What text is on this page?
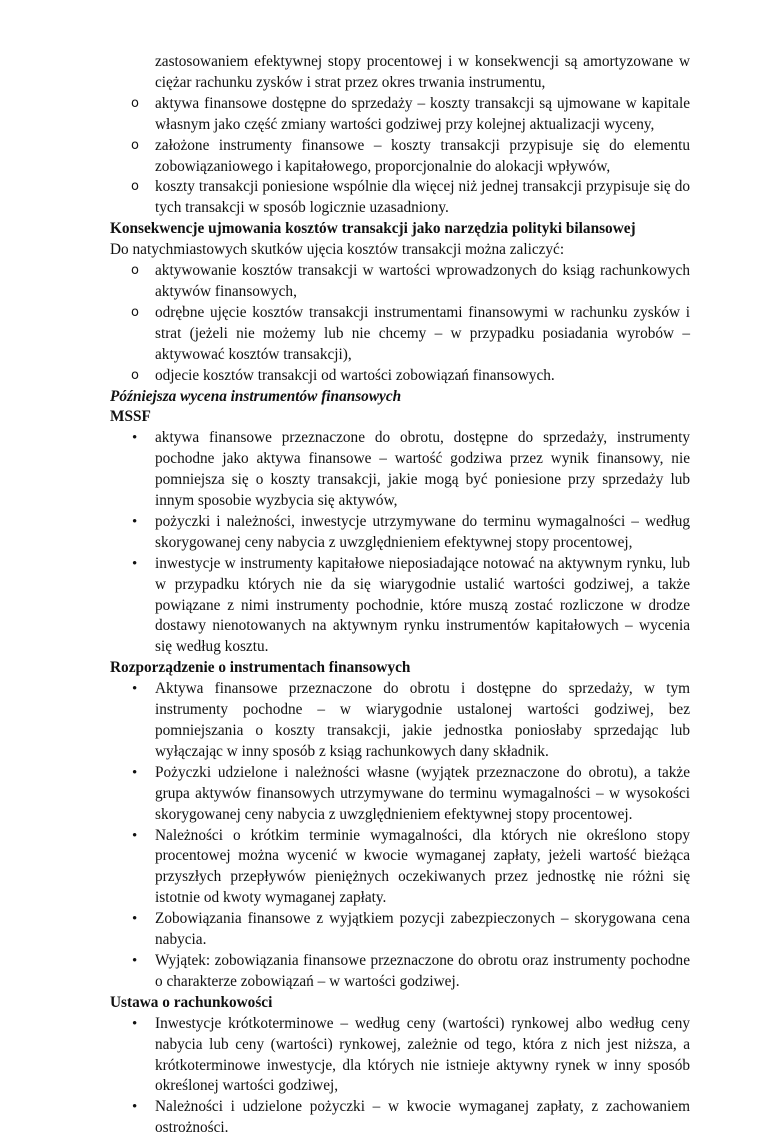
zastosowaniem efektywnej stopy procentowej i w konsekwencji są amortyzowane w ciężar rachunku zysków i strat przez okres trwania instrumentu,

o aktywa finansowe dostępne do sprzedaży – koszty transakcji są ujmowane w kapitale własnym jako część zmiany wartości godziwej przy kolejnej aktualizacji wyceny,
o założone instrumenty finansowe – koszty transakcji przypisuje się do elementu zobowiązaniowego i kapitałowego, proporcjonalnie do alokacji wpływów,
o koszty transakcji poniesione wspólnie dla więcej niż jednej transakcji przypisuje się do tych transakcji w sposób logicznie uzasadniony.

Konsekwencje ujmowania kosztów transakcji jako narzędzia polityki bilansowej

Do natychmiastowych skutków ujęcia kosztów transakcji można zaliczyć:

o aktywowanie kosztów transakcji w wartości wprowadzonych do ksiąg rachunkowych aktywów finansowych,
o odrębne ujęcie kosztów transakcji instrumentami finansowymi w rachunku zysków i strat (jeżeli nie możemy lub nie chcemy – w przypadku posiadania wyrobów – aktywować kosztów transakcji),
o odjecie kosztów transakcji od wartości zobowiązań finansowych.

Późniejsza wycena instrumentów finansowych

MSSF

• aktywa finansowe przeznaczone do obrotu, dostępne do sprzedaży, instrumenty pochodne jako aktywa finansowe – wartość godziwa przez wynik finansowy, nie pomniejsza się o koszty transakcji, jakie mogą być poniesione przy sprzedaży lub innym sposobie wyzbycia się aktywów,
• pożyczki i należności, inwestycje utrzymywane do terminu wymagalności – według skorygowanej ceny nabycia z uwzględnieniem efektywnej stopy procentowej,
• inwestycje w instrumenty kapitałowe nieposiadające notować na aktywnym rynku, lub w przypadku których nie da się wiarygodnie ustalić wartości godziwej, a także powiązane z nimi instrumenty pochodnie, które muszą zostać rozliczone w drodze dostawy nienotowanych na aktywnym rynku instrumentów kapitałowych – wycenia się według kosztu.

Rozporządzenie o instrumentach finansowych

• Aktywa finansowe przeznaczone do obrotu i dostępne do sprzedaży, w tym instrumenty pochodne – w wiarygodnie ustalonej wartości godziwej, bez pomniejszania o koszty transakcji, jakie jednostka poniosłaby sprzedając lub wyłączając w inny sposób z ksiąg rachunkowych dany składnik.
• Pożyczki udzielone i należności własne (wyjątek przeznaczone do obrotu), a także grupa aktywów finansowych utrzymywane do terminu wymagalności – w wysokości skorygowanej ceny nabycia z uwzględnieniem efektywnej stopy procentowej.
• Należności o krótkim terminie wymagalności, dla których nie określono stopy procentowej można wycenić w kwocie wymaganej zapłaty, jeżeli wartość bieżąca przyszłych przepływów pieniężnych oczekiwanych przez jednostkę nie różni się istotnie od kwoty wymaganej zapłaty.
• Zobowiązania finansowe z wyjątkiem pozycji zabezpieczonych – skorygowana cena nabycia.
• Wyjątek: zobowiązania finansowe przeznaczone do obrotu oraz instrumenty pochodne o charakterze zobowiązań – w wartości godziwej.

Ustawa o rachunkowości

• Inwestycje krótkoterminowe – według ceny (wartości) rynkowej albo według ceny nabycia lub ceny (wartości) rynkowej, zależnie od tego, która z nich jest niższa, a krótkoterminowe inwestycje, dla których nie istnieje aktywny rynek w inny sposób określonej wartości godziwej,
• Należności i udzielone pożyczki – w kwocie wymaganej zapłaty, z zachowaniem ostrożności.
